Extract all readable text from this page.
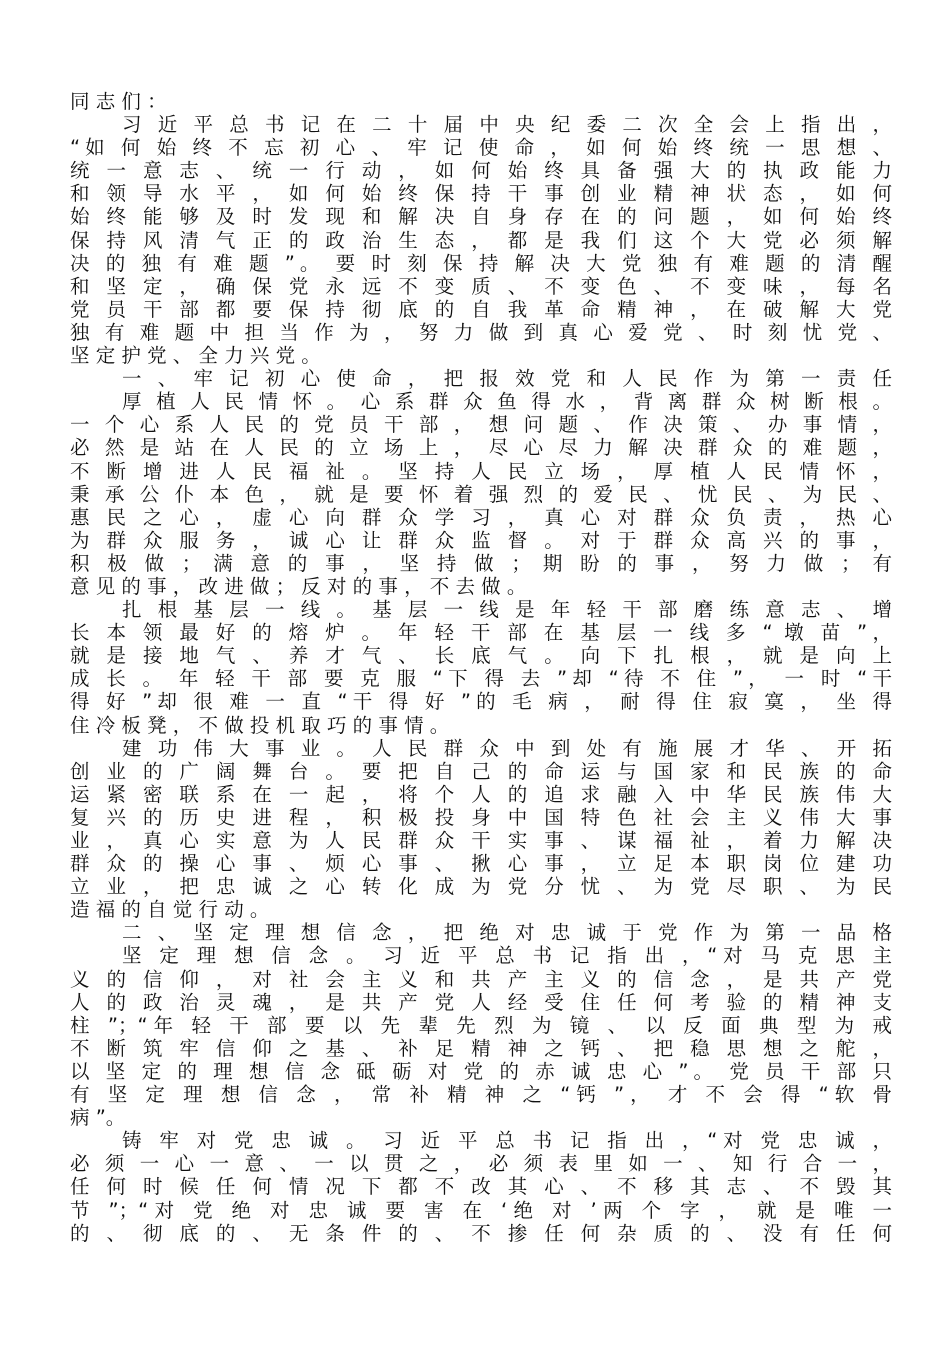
同 志 们 ：
习 近 平 总 书 记 在 二 十 届 中 央 纪 委 二 次 全 会 上 指 出 ，
“如 何 始 终 不 忘 初 心 、 牢 记 使 命 ， 如 何 始 终 统 一 思 想 、
统 一 意 志 、 统 一 行 动 ， 如 何 始 终 具 备 强 大 的 执 政 能 力
和 领 导 水 平 ， 如 何 始 终 保 持 干 事 创 业 精 神 状 态 ， 如 何
始 终 能 够 及 时 发 现 和 解 决 自 身 存 在 的 问 题 ， 如 何 始 终
保 持 风 清 气 正 的 政 治 生 态 ， 都 是 我 们 这 个 大 党 必 须 解
决 的 独 有 难 题 ”。 要 时 刻 保 持 解 决 大 党 独 有 难 题 的 清 醒
和 坚 定 ， 确 保 党 永 远 不 变 质 、 不 变 色 、 不 变 味 ， 每 名
党 员 干 部 都 要 保 持 彻 底 的 自 我 革 命 精 神 ， 在 破 解 大 党
独 有 难 题 中 担 当 作 为 ， 努 力 做 到 真 心 爱 党 、 时 刻 忧 党 、
坚 定 护 党 、 全 力 兴 党 。
一 、 牢 记 初 心 使 命 ， 把 报 效 党 和 人 民 作 为 第 一 责 任
厚 植 人 民 情 怀 。 心 系 群 众 鱼 得 水 ， 背 离 群 众 树 断 根 。
一 个 心 系 人 民 的 党 员 干 部 ， 想 问 题 、 作 决 策 、 办 事 情 ，
必 然 是 站 在 人 民 的 立 场 上 ， 尽 心 尽 力 解 决 群 众 的 难 题 ，
不 断 增 进 人 民 福 祉 。 坚 持 人 民 立 场 ， 厚 植 人 民 情 怀 ，
秉 承 公 仆 本 色 ， 就 是 要 怀 着 强 烈 的 爱 民 、 忧 民 、 为 民 、
惠 民 之 心 ， 虚 心 向 群 众 学 习 ， 真 心 对 群 众 负 责 ， 热 心
为 群 众 服 务 ， 诚 心 让 群 众 监 督 。 对 于 群 众 高 兴 的 事 ，
积 极 做 ； 满 意 的 事 ， 坚 持 做 ； 期 盼 的 事 ， 努 力 做 ； 有
意 见 的 事 ， 改 进 做 ； 反 对 的 事 ， 不 去 做 。
扎 根 基 层 一 线 。 基 层 一 线 是 年 轻 干 部 磨 练 意 志 、 增
长 本 领 最 好 的 熔 炉 。 年 轻 干 部 在 基 层 一 线 多 “ 墩 苗 ”，
就 是 接 地 气 、 养 才 气 、 长 底 气 。 向 下 扎 根 ， 就 是 向 上
成 长 。 年 轻 干 部 要 克 服 “下 得 去 ”却 “待 不 住 ”， 一 时 “干
得 好 ”却 很 难 一 直 “干 得 好 ”的 毛 病 ， 耐 得 住 寂 寞 ， 坐 得
住 冷 板 凳 ， 不 做 投 机 取 巧 的 事 情 。
建 功 伟 大 事 业 。 人 民 群 众 中 到 处 有 施 展 才 华 、 开 拓
创 业 的 广 阔 舞 台 。 要 把 自 己 的 命 运 与 国 家 和 民 族 的 命
运 紧 密 联 系 在 一 起 ， 将 个 人 的 追 求 融 入 中 华 民 族 伟 大
复 兴 的 历 史 进 程 ， 积 极 投 身 中 国 特 色 社 会 主 义 伟 大 事
业 ， 真 心 实 意 为 人 民 群 众 干 实 事 、 谋 福 祉 ， 着 力 解 决
群 众 的 操 心 事 、 烦 心 事 、 揪 心 事 ， 立 足 本 职 岗 位 建 功
立 业 ， 把 忠 诚 之 心 转 化 成 为 党 分 忧 、 为 党 尽 职 、 为 民
造 福 的 自 觉 行 动 。
二 、 坚 定 理 想 信 念 ， 把 绝 对 忠 诚 于 党 作 为 第 一 品 格
坚 定 理 想 信 念 。 习 近 平 总 书 记 指 出 ，“对 马 克 思 主
义 的 信 仰 ， 对 社 会 主 义 和 共 产 主 义 的 信 念 ， 是 共 产 党
人 的 政 治 灵 魂 ， 是 共 产 党 人 经 受 住 任 何 考 验 的 精 神 支
柱 ”；“年 轻 干 部 要 以 先 辈 先 烈 为 镜 、 以 反 面 典 型 为 戒
不 断 筑 牢 信 仰 之 基 、 补 足 精 神 之 钙 、 把 稳 思 想 之 舵 ，
以 坚 定 的 理 想 信 念 砥 砺 对 党 的 赤 诚 忠 心 ”。 党 员 干 部 只
有 坚 定 理 想 信 念 ， 常 补 精 神 之 “钙 ”， 才 不 会 得 “软 骨
病 ”。
铸 牢 对 党 忠 诚 。 习 近 平 总 书 记 指 出 ，“对 党 忠 诚 ，
必 须 一 心 一 意 、 一 以 贯 之 ， 必 须 表 里 如 一 、 知 行 合 一 ，
任 何 时 候 任 何 情 况 下 都 不 改 其 心 、 不 移 其 志 、 不 毁 其
节 ”；“对 党 绝 对 忠 诚 要 害 在 ‘绝 对 ’两 个 字 ， 就 是 唯 一
的 、 彻 底 的 、 无 条 件 的 、 不 掺 任 何 杂 质 的 、 没 有 任 何
